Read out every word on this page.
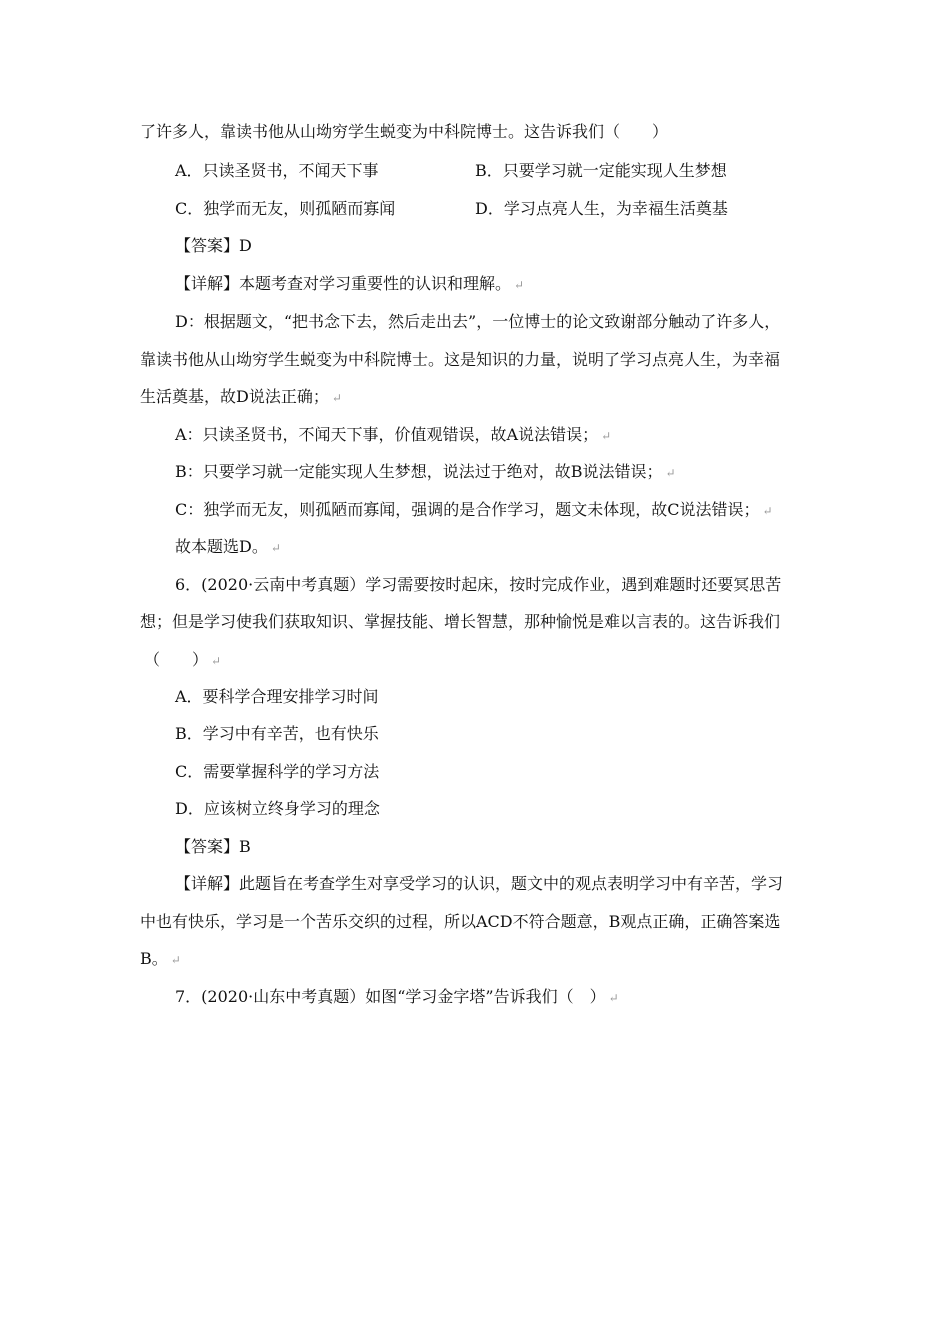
了许多人，靠读书他从山坳穷学生蜕变为中科院博士。这告诉我们（　　）
A．只读圣贤书，不闻天下事	B．只要学习就一定能实现人生梦想
C．独学而无友，则孤陋而寡闻	D．学习点亮人生，为幸福生活奠基
【答案】D
【详解】本题考查对学习重要性的认识和理解。 ↵
D：根据题文，“把书念下去，然后走出去”，一位博士的论文致谢部分触动了许多人，
靠读书他从山坳穷学生蜕变为中科院博士。这是知识的力量，说明了学习点亮人生，为幸福
生活奠基，故D说法正确； ↵
A：只读圣贤书，不闻天下事，价值观错误，故A说法错误； ↵
B：只要学习就一定能实现人生梦想，说法过于绝对，故B说法错误； ↵
C：独学而无友，则孤陋而寡闻，强调的是合作学习，题文未体现，故C说法错误； ↵
故本题选D。 ↵
6．(2020·云南中考真题）学习需要按时起床，按时完成作业，遇到难题时还要冥思苦
想；但是学习使我们获取知识、掌握技能、增长智慧，那种愉悦是难以言表的。这告诉我们
（　　） ↵
A．要科学合理安排学习时间
B．学习中有辛苦，也有快乐
C．需要掌握科学的学习方法
D．应该树立终身学习的理念
【答案】B
【详解】此题旨在考查学生对享受学习的认识，题文中的观点表明学习中有辛苦，学习
中也有快乐，学习是一个苦乐交织的过程，所以ACD不符合题意，B观点正确，正确答案选
B。 ↵
7．(2020·山东中考真题）如图“学习金字塔”告诉我们（　） ↵
